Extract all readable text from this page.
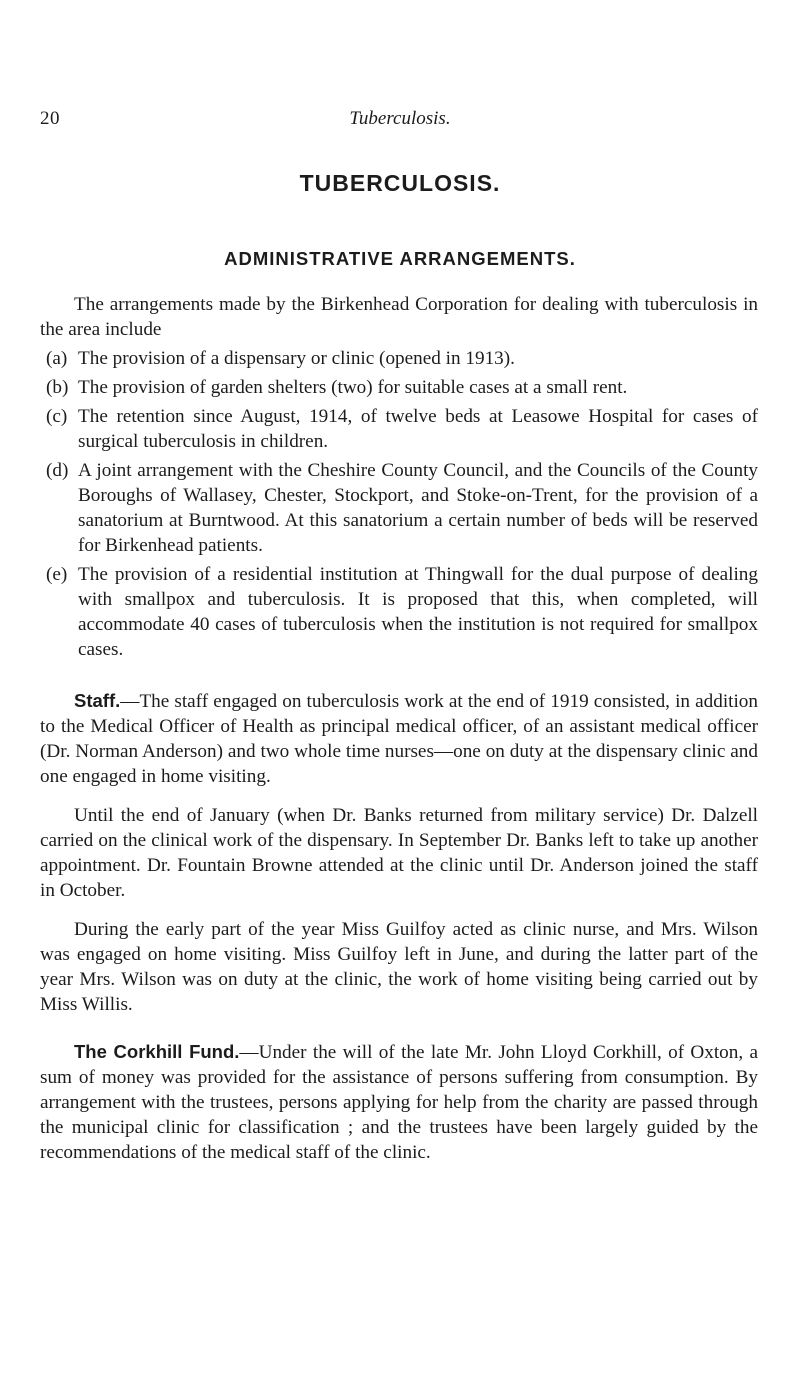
20	Tuberculosis.
TUBERCULOSIS.
ADMINISTRATIVE ARRANGEMENTS.

The arrangements made by the Birkenhead Corporation for dealing with tuberculosis in the area include

(a) The provision of a dispensary or clinic (opened in 1913).
(b) The provision of garden shelters (two) for suitable cases at a small rent.
(c) The retention since August, 1914, of twelve beds at Leasowe Hospital for cases of surgical tuberculosis in children.
(d) A joint arrangement with the Cheshire County Council, and the Councils of the County Boroughs of Wallasey, Chester, Stockport, and Stoke-on-Trent, for the provision of a sanatorium at Burntwood. At this sanatorium a certain number of beds will be reserved for Birkenhead patients.
(e) The provision of a residential institution at Thingwall for the dual purpose of dealing with smallpox and tuberculosis. It is proposed that this, when completed, will accommodate 40 cases of tuberculosis when the institution is not required for smallpox cases.

Staff.—The staff engaged on tuberculosis work at the end of 1919 consisted, in addition to the Medical Officer of Health as principal medical officer, of an assistant medical officer (Dr. Norman Anderson) and two whole time nurses—one on duty at the dispensary clinic and one engaged in home visiting.

Until the end of January (when Dr. Banks returned from military service) Dr. Dalzell carried on the clinical work of the dispensary. In September Dr. Banks left to take up another appointment. Dr. Fountain Browne attended at the clinic until Dr. Anderson joined the staff in October.

During the early part of the year Miss Guilfoy acted as clinic nurse, and Mrs. Wilson was engaged on home visiting. Miss Guilfoy left in June, and during the latter part of the year Mrs. Wilson was on duty at the clinic, the work of home visiting being carried out by Miss Willis.

The Corkhill Fund.—Under the will of the late Mr. John Lloyd Corkhill, of Oxton, a sum of money was provided for the assistance of persons suffering from consumption. By arrangement with the trustees, persons applying for help from the charity are passed through the municipal clinic for classification ; and the trustees have been largely guided by the recommendations of the medical staff of the clinic.
